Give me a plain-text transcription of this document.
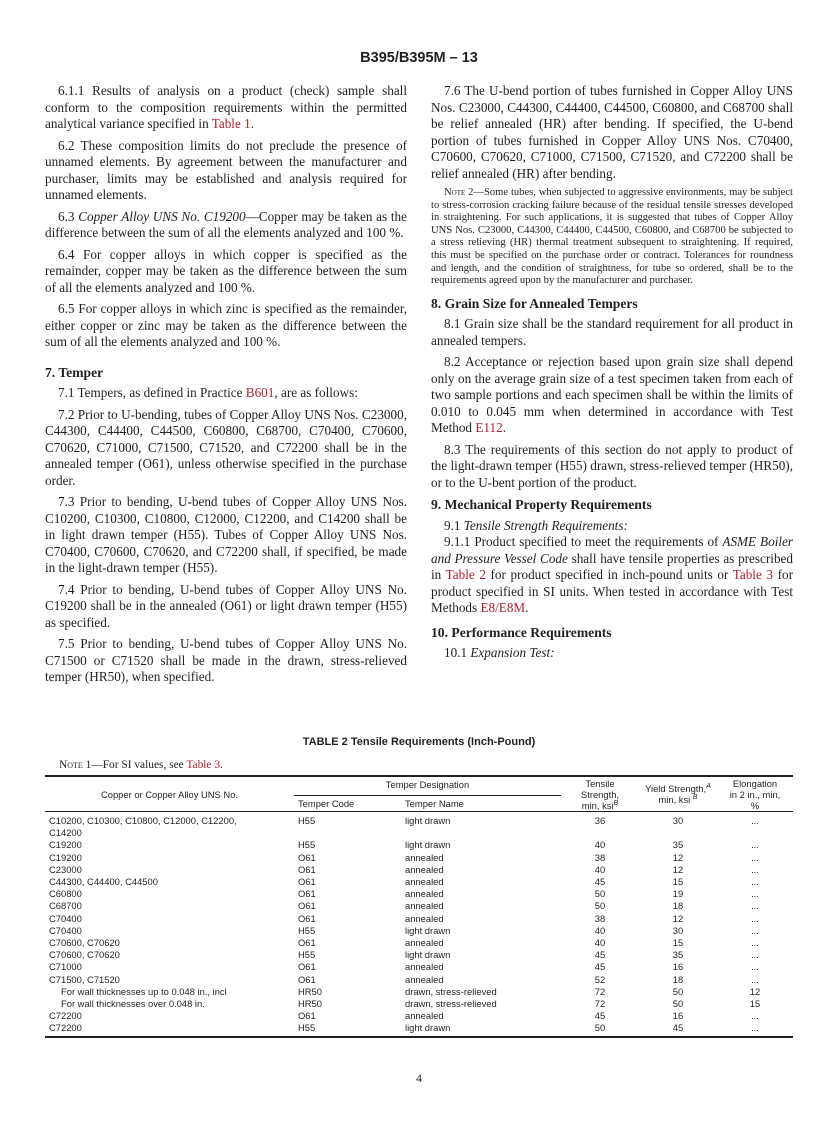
B395/B395M – 13

6.1.1 Results of analysis on a product (check) sample shall conform to the composition requirements within the permitted analytical variance specified in Table 1.

6.2 These composition limits do not preclude the presence of unnamed elements. By agreement between the manufacturer and purchaser, limits may be established and analysis required for unnamed elements.

6.3 Copper Alloy UNS No. C19200—Copper may be taken as the difference between the sum of all the elements analyzed and 100 %.

6.4 For copper alloys in which copper is specified as the remainder, copper may be taken as the difference between the sum of all the elements analyzed and 100 %.

6.5 For copper alloys in which zinc is specified as the remainder, either copper or zinc may be taken as the difference between the sum of all the elements analyzed and 100 %.

7. Temper

7.1 Tempers, as defined in Practice B601, are as follows:

7.2 Prior to U-bending, tubes of Copper Alloy UNS Nos. C23000, C44300, C44400, C44500, C60800, C68700, C70400, C70600, C70620, C71000, C71500, C71520, and C72200 shall be in the annealed temper (O61), unless otherwise specified in the purchase order.

7.3 Prior to bending, U-bend tubes of Copper Alloy UNS Nos. C10200, C10300, C10800, C12000, C12200, and C14200 shall be in light drawn temper (H55). Tubes of Copper Alloy UNS Nos. C70400, C70600, C70620, and C72200 shall, if specified, be made in the light-drawn temper (H55).

7.4 Prior to bending, U-bend tubes of Copper Alloy UNS No. C19200 shall be in the annealed (O61) or light drawn temper (H55) as specified.

7.5 Prior to bending, U-bend tubes of Copper Alloy UNS No. C71500 or C71520 shall be made in the drawn, stress-relieved temper (HR50), when specified.

7.6 The U-bend portion of tubes furnished in Copper Alloy UNS Nos. C23000, C44300, C44400, C44500, C60800, and C68700 shall be relief annealed (HR) after bending. If specified, the U-bend portion of tubes furnished in Copper Alloy UNS Nos. C70400, C70600, C70620, C71000, C71500, C71520, and C72200 shall be relief annealed (HR) after bending.

Note 2—Some tubes, when subjected to aggressive environments, may be subject to stress-corrosion cracking failure because of the residual tensile stresses developed in straightening. For such applications, it is suggested that tubes of Copper Alloy UNS Nos. C23000, C44300, C44400, C44500, C60800, and C68700 be subjected to a stress relieving (HR) thermal treatment subsequent to straightening. If required, this must be specified on the purchase order or contract. Tolerances for roundness and length, and the condition of straightness, for tube so ordered, shall be to the requirements agreed upon by the manufacturer and purchaser.

8. Grain Size for Annealed Tempers

8.1 Grain size shall be the standard requirement for all product in annealed tempers.

8.2 Acceptance or rejection based upon grain size shall depend only on the average grain size of a test specimen taken from each of two sample portions and each specimen shall be within the limits of 0.010 to 0.045 mm when determined in accordance with Test Method E112.

8.3 The requirements of this section do not apply to product of the light-drawn temper (H55) drawn, stress-relieved temper (HR50), or to the U-bent portion of the product.

9. Mechanical Property Requirements

9.1 Tensile Strength Requirements:

9.1.1 Product specified to meet the requirements of ASME Boiler and Pressure Vessel Code shall have tensile properties as prescribed in Table 2 for product specified in inch-pound units or Table 3 for product specified in SI units. When tested in accordance with Test Methods E8/E8M.

10. Performance Requirements

10.1 Expansion Test:

TABLE 2 Tensile Requirements (Inch-Pound)
Note 1—For SI values, see Table 3.
Copper or Copper Alloy UNS No.	Temper Designation		Tensile Strength, min, ksi$^B$	Yield Strength,$^A$
min, ksi $^B$	Elongation in 2 in., min, %
	Temper Code	Temper Name			
C10200, C10300, C10800, C12000, C12200,	H55	light drawn	36	30	...
C14200					
C19200	H55	light drawn	40	35	...
C19200	O61	annealed	38	12	...
C23000	O61	annealed	40	12	...
C44300, C44400, C44500	O61	annealed	45	15	...
C60800	O61	annealed	50	19	...
C68700	O61	annealed	50	18	...
C70400	O61	annealed	38	12	...
C70400	H55	light drawn	40	30	...
C70600, C70620	O61	annealed	40	15	...
C70600, C70620	H55	light drawn	45	35	...
C71000	O61	annealed	45	16	...
C71500, C71520	O61	annealed	52	18	...
For wall thicknesses up to 0.048 in., incl	HR50	drawn, stress-relieved	72	50	12
For wall thicknesses over 0.048 in.	HR50	drawn, stress-relieved	72	50	15
C72200	O61	annealed	45	16	...
C72200	H55	light drawn	50	45	...
4
